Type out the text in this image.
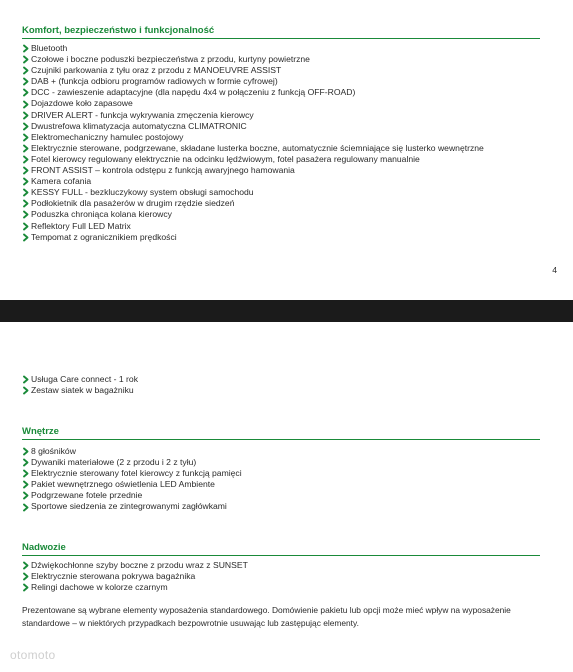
Komfort, bezpieczeństwo i funkcjonalność
Bluetooth
Czołowe i boczne poduszki bezpieczeństwa z przodu, kurtyny powietrzne
Czujniki parkowania z tyłu oraz z przodu z MANOEUVRE ASSIST
DAB + (funkcja odbioru programów radiowych w formie cyfrowej)
DCC - zawieszenie adaptacyjne (dla napędu 4x4 w połączeniu z funkcją OFF-ROAD)
Dojazdowe koło zapasowe
DRIVER ALERT - funkcja wykrywania zmęczenia kierowcy
Dwustrefowa klimatyzacja automatyczna CLIMATRONIC
Elektromechaniczny hamulec postojowy
Elektrycznie sterowane, podgrzewane, składane lusterka boczne, automatycznie ściemniające się lusterko wewnętrzne
Fotel kierowcy regulowany elektrycznie na odcinku lędźwiowym, fotel pasażera regulowany manualnie
FRONT ASSIST – kontrola odstępu z funkcją awaryjnego hamowania
Kamera cofania
KESSY FULL - bezkluczykowy system obsługi samochodu
Podłokietnik dla pasażerów w drugim rzędzie siedzeń
Poduszka chroniąca kolana kierowcy
Reflektory Full LED Matrix
Tempomat z ogranicznikiem prędkości
4
Usługa Care connect - 1 rok
Zestaw siatek w bagażniku
Wnętrze
8 głośników
Dywaniki materiałowe (2 z przodu i 2 z tyłu)
Elektrycznie sterowany fotel kierowcy z funkcją pamięci
Pakiet wewnętrznego oświetlenia LED Ambiente
Podgrzewane fotele przednie
Sportowe siedzenia ze zintegrowanymi zagłówkami
Nadwozie
Dźwiękochłonne szyby boczne z przodu wraz z SUNSET
Elektrycznie sterowana pokrywa bagażnika
Relingi dachowe w kolorze czarnym
Prezentowane są wybrane elementy wyposażenia standardowego. Domówienie pakietu lub opcji może mieć wpływ na wyposażenie standardowe – w niektórych przypadkach bezpowrotnie usuwając lub zastępując elementy.
otomoto
